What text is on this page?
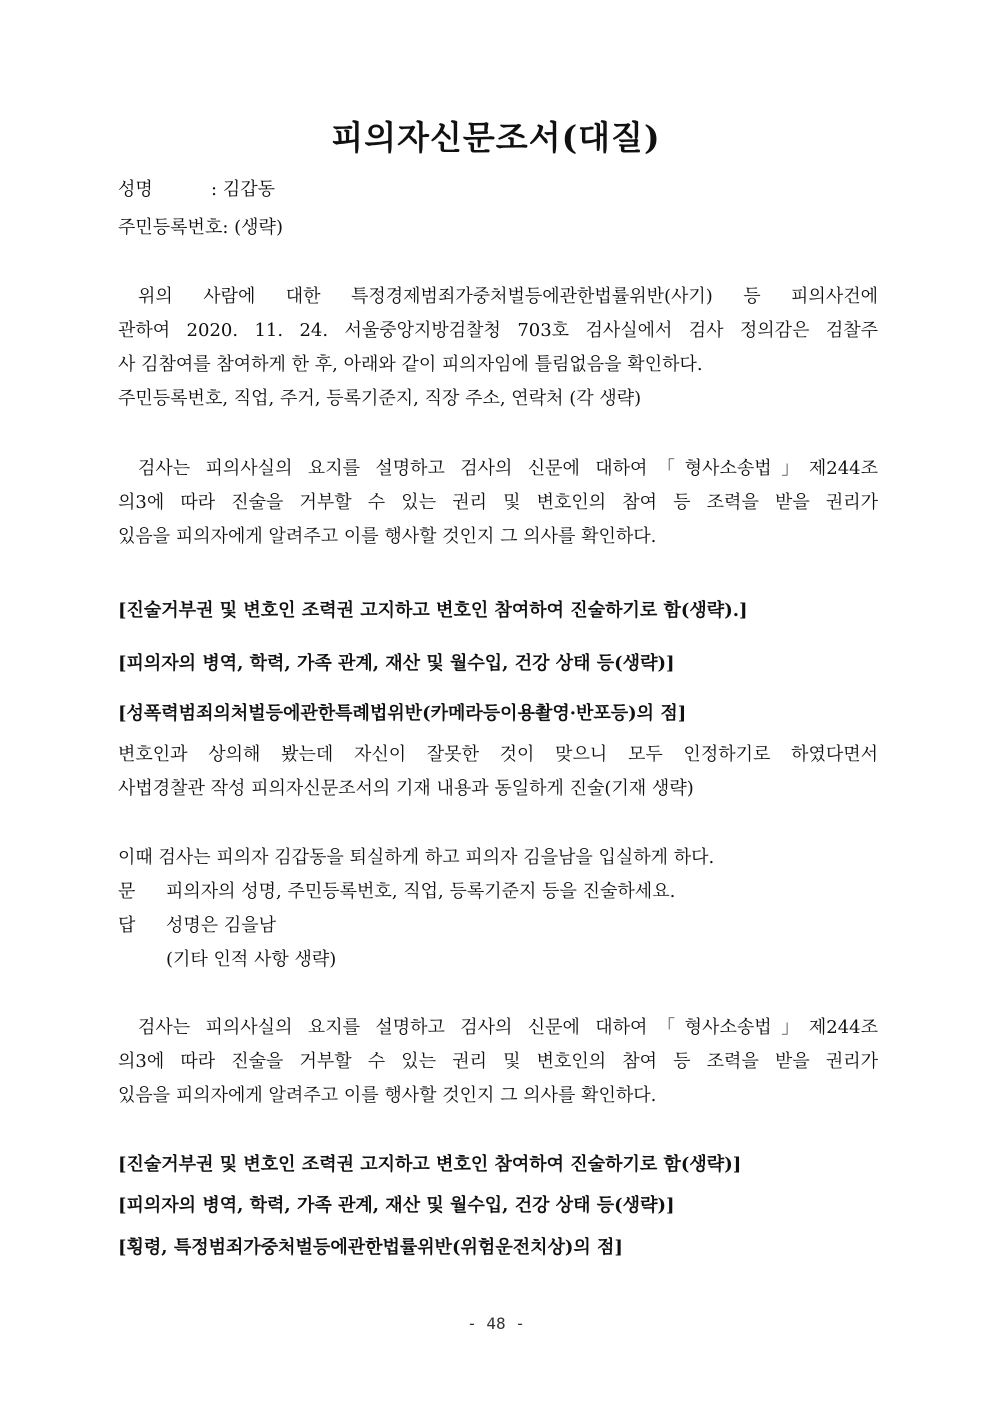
피의자신문조서(대질)
성명	: 김갑동
주민등록번호: (생략)
위의 사람에 대한 특정경제범죄가중처벌등에관한법률위반(사기) 등 피의사건에
관하여 2020. 11. 24. 서울중앙지방검찰청 703호 검사실에서 검사 정의감은 검찰주
사 김참여를 참여하게 한 후, 아래와 같이 피의자임에 틀림없음을 확인하다.
주민등록번호, 직업, 주거, 등록기준지, 직장 주소, 연락처 (각 생략)
검사는 피의사실의 요지를 설명하고 검사의 신문에 대하여「형사소송법」제244조
의3에 따라 진술을 거부할 수 있는 권리 및 변호인의 참여 등 조력을 받을 권리가
있음을 피의자에게 알려주고 이를 행사할 것인지 그 의사를 확인하다.
[진술거부권 및 변호인 조력권 고지하고 변호인 참여하여 진술하기로 함(생략).]
[피의자의 병역, 학력, 가족 관계, 재산 및 월수입, 건강 상태 등(생략)]
[성폭력범죄의처벌등에관한특례법위반(카메라등이용촬영·반포등)의 점]
변호인과 상의해 봤는데 자신이 잘못한 것이 맞으니 모두 인정하기로 하였다면서
사법경찰관 작성 피의자신문조서의 기재 내용과 동일하게 진술(기재 생략)
이때 검사는 피의자 김갑동을 퇴실하게 하고 피의자 김을남을 입실하게 하다.
문 피의자의 성명, 주민등록번호, 직업, 등록기준지 등을 진술하세요.
답 성명은 김을남
(기타 인적 사항 생략)
검사는 피의사실의 요지를 설명하고 검사의 신문에 대하여「형사소송법」제244조
의3에 따라 진술을 거부할 수 있는 권리 및 변호인의 참여 등 조력을 받을 권리가
있음을 피의자에게 알려주고 이를 행사할 것인지 그 의사를 확인하다.
[진술거부권 및 변호인 조력권 고지하고 변호인 참여하여 진술하기로 함(생략)]
[피의자의 병역, 학력, 가족 관계, 재산 및 월수입, 건강 상태 등(생략)]
[횡령, 특정범죄가중처벌등에관한법률위반(위험운전치상)의 점]
- 48 -
